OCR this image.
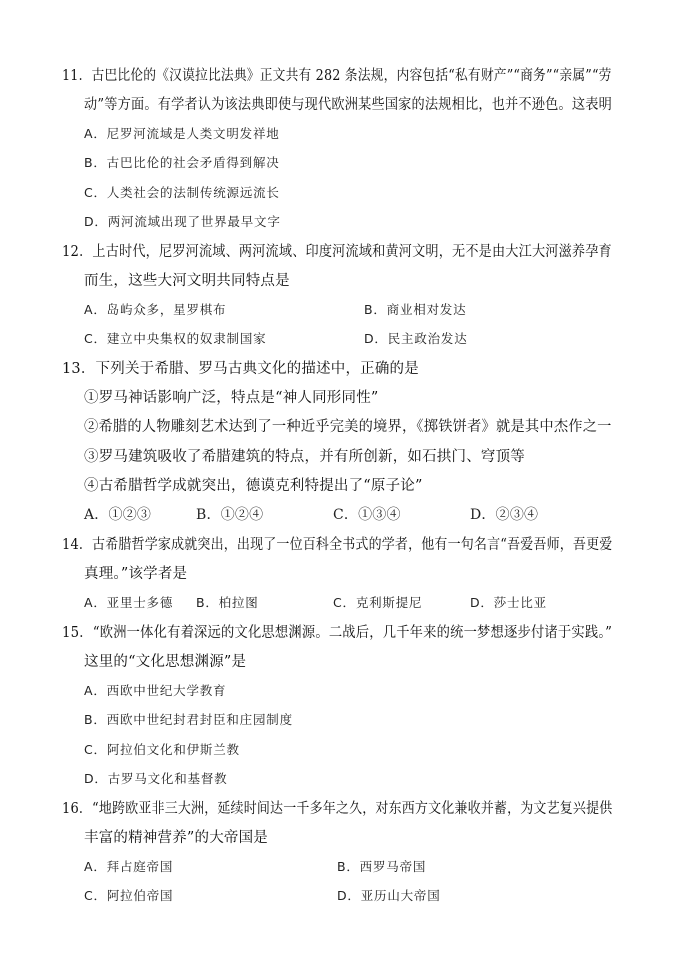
11．古巴比伦的《汉谟拉比法典》正文共有 282 条法规，内容包括“私有财产”“商务”“亲属”“劳
动”等方面。有学者认为该法典即使与现代欧洲某些国家的法规相比，也并不逊色。这表明
A．尼罗河流域是人类文明发祥地
B．古巴比伦的社会矛盾得到解决
C．人类社会的法制传统源远流长
D．两河流域出现了世界最早文字
12．上古时代，尼罗河流域、两河流域、印度河流域和黄河文明，无不是由大江大河滋养孕育
而生，这些大河文明共同特点是
A．岛屿众多，星罗棋布	B．商业相对发达
C．建立中央集权的奴隶制国家	D．民主政治发达
13．下列关于希腊、罗马古典文化的描述中，正确的是
①罗马神话影响广泛，特点是“神人同形同性”
②希腊的人物雕刻艺术达到了一种近乎完美的境界，《掷铁饼者》就是其中杰作之一
③罗马建筑吸收了希腊建筑的特点，并有所创新，如石拱门、穹顶等
④古希腊哲学成就突出，德谟克利特提出了“原子论”
A．①②③	B．①②④	C．①③④	D．②③④
14．古希腊哲学家成就突出，出现了一位百科全书式的学者，他有一句名言“吾爱吾师，吾更爱
真理。”该学者是
A．亚里士多德 B．柏拉图	C．克利斯提尼	D．莎士比亚
15．“欧洲一体化有着深远的文化思想渊源。二战后，几千年来的统一梦想逐步付诸于实践。”
这里的“文化思想渊源”是
A．西欧中世纪大学教育
B．西欧中世纪封君封臣和庄园制度
C．阿拉伯文化和伊斯兰教
D．古罗马文化和基督教
16．“地跨欧亚非三大洲，延续时间达一千多年之久，对东西方文化兼收并蓄，为文艺复兴提供
丰富的精神营养”的大帝国是
A．拜占庭帝国	B．西罗马帝国
C．阿拉伯帝国	D．亚历山大帝国
